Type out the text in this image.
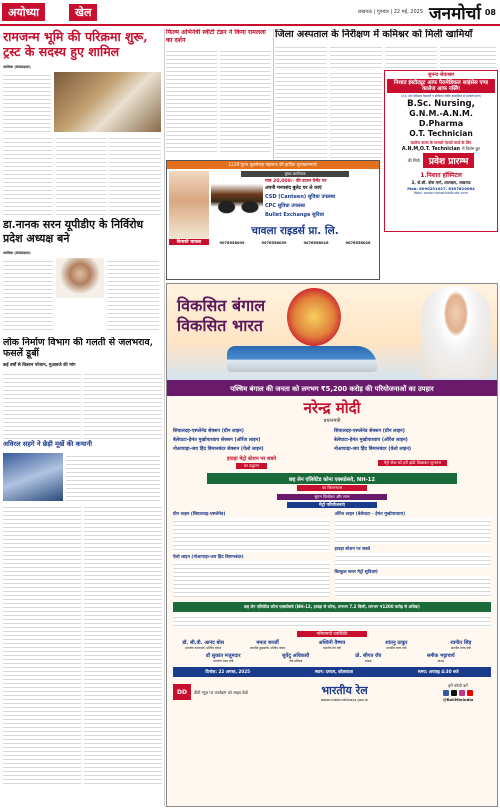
अयोध्या	खेल	लखनऊ | गुरुवार | 22 मई, 2025 जनमोर्चा 08
रामजन्म भूमि की परिक्रमा शुरू, ट्रस्ट के सदस्य हुए शामिल
अयोध्या (संवाददाता)
फिल्म अभिनेत्री स्वीटी टंडन ने किया रामलला का दर्शन
जिला अस्पताल के निरीक्षण में कमिश्नर को मिली खामियाँ
सुनन्द सेवाश्रम
निशात इंस्टीट्यूट आफ पैरामेडिकल साइंसेस एण्ड कालेज आफ नर्सिंग
(उ.प्र. स्टेट मेडिकल फैकल्टी व इण्डियन नर्सिंग काउन्सिल से मान्यता प्राप्त)
B.Sc. Nursing,
G.N.M.-A.N.M.
D.Pharma
O.T. Technician
कालेज रूल्स के मानकों पेटकों चार्ज के लिए
A.N.M,O.T. Technician में विशेष छूट
की सिर्फ	प्रवेश प्रारम्भ
1.निशात हॉस्पिटल
3, जे.सी. बोस मार्ग, लालबाग, लखनऊ
Mob: 8090291027, 6307820064
Web: www.nishatinstitute.com
डा.नानक सरन यूपीडीए के निर्विरोध प्रदेश अध्यक्ष बने
अयोध्या (संवाददाता)
123वें पूज्य श्रुतसेनाह महाराज की हार्दिक शुभकामनाएं!
विनाशी चावला
मुख्य प्रायोजक
मात्र 20,000/- की डाउन पेमेंट पर
अपनी मनपसंद बुलेट घर ले जाएं
CSD (Canteen) सुविधा उपलब्ध
CPC सुविधा उपलब्ध
Bullet Exchange सुविधा
चावला राइडर्स प्रा. लि.
9076558009	9076558039	9076558016	9076558026
लोक निर्माण विभाग की गलती से जलभराव, फसलें डूबीं
कई वर्षों से किसान परेशान, मुआवजे की मांग
अविरल सहगे ने छेड़ी मूर्खे की कचानी
विकसित बंगाल
विकसित भारत
पश्चिम बंगाल की जनता को लगभग ₹5,200 करोड़ की परियोजनाओं का उपहार
नरेन्द्र मोदी
प्रधानमंत्री
सियालदह-एस्प्लेनेड सेक्शन (ग्रीन लाइन)
बेलेघाटा-हेमंत मुखोपाध्याय सेक्शन (ऑरेंज लाइन)
नोआपाड़ा-जय हिंद बिमानबंदर सेक्शन (येलो लाइन)
सियालदह-एस्प्लेनेड सेक्शन (ग्रीन लाइन)
बेलेघाटा-हेमंत मुखोपाध्याय (ऑरेंज लाइन)
नोआपाड़ा-जय हिंद बिमानबंदर (येलो लाइन)
हावड़ा मेट्रो स्टेशन पर सबवे
का उद्घाटन
मेट्रो सेवा को हरी झंडी दिखाकर शुभारंभ
छह लेन एलिवेटेड कोना एक्सप्रेसवे, NH-12
का शिलान्यास
सुगम विलोकर और लाभ
मेट्रो परियोजनाएं
ग्रीन लाइन (सियालदह-एस्प्लेनेड)
येलो लाइन (नोआपाड़ा-जय हिंद बिमानबंदर)
ऑरेंज लाइन (बेलेघाटा - हेमंत मुखोपाध्याय)
हावड़ा स्टेशन पर सबवे
बिल्कुल सरल मेट्रो सुविधाएं
छह लेन एलिवेटेड कोना एक्सप्रेसवे (NH-12, हावड़ा से कोना, लगभग 7.2 किमी, लगभग ₹1200 करोड़ से अधिक)
गरिमामयी उपस्थिति
डॉ. सी.वी. आनंद बोस
माननीय राज्यपाल, पश्चिम बंगाल
ममता बनर्जी
माननीय मुख्यमंत्री, पश्चिम बंगाल
अश्विनी वैष्णव
माननीय रेल मंत्री
शांतनु ठाकुर
माननीय राज्य मंत्री
रवनीत सिंह
माननीय राज्य मंत्री
डॉ सुकांत मजूमदार
माननीय राज्य मंत्री
सुवेंदु अधिकारी
नेता प्रतिपक्ष
प्रो. सौगत रॉय
सांसद
समीक भट्टाचार्य
सांसद
दिनांक: 22 अगस्त, 2025	स्थान: दमदम, कोलकाता	समय: अपराह्न 4:30 बजे
DD	डीडी न्यूज़ पर कार्यक्रम को लाइव देखें	भारतीय रेल
www.indianrailways.gov.in
हमें फॉलो करें
@RailMinIndia
